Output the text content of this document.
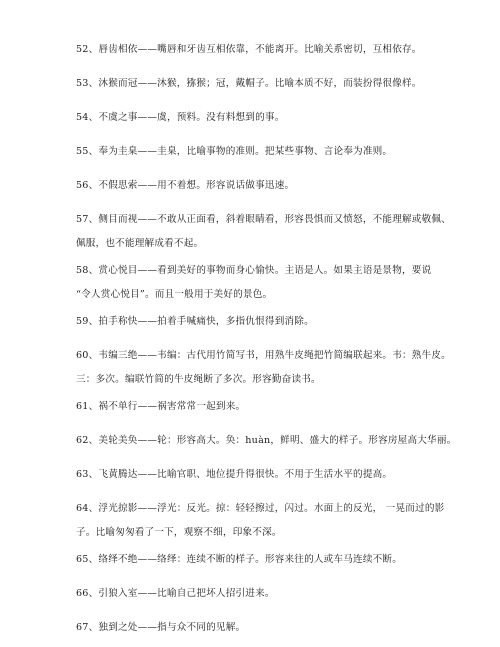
52、唇齿相依——嘴唇和牙齿互相依靠，不能离开。比喻关系密切，互相依存。
53、沐猴而冠——沐猴，猕猴；冠，戴帽子。比喻本质不好，而装扮得很像样。
54、不虞之事——虞，预料。没有料想到的事。
55、奉为圭臬——圭臬，比喻事物的准则。把某些事物、言论奉为准则。
56、不假思索——用不着想。形容说话做事迅速。
57、侧目而视——不敢从正面看，斜着眼睛看，形容畏惧而又愤怒，不能理解或敬佩、
佩服，也不能理解成看不起。
58、赏心悦目——看到美好的事物而身心愉快。主语是人。如果主语是景物，要说
“令人赏心悦目”。而且一般用于美好的景色。
59、拍手称快——拍着手喊痛快，多指仇恨得到消除。
60、韦编三绝——韦编：古代用竹简写书，用熟牛皮绳把竹简编联起来。韦：熟牛皮。
三：多次。编联竹简的牛皮绳断了多次。形容勤奋读书。
61、祸不单行——祸害常常一起到来。
62、美轮美奂——轮：形容高大。奂：huàn，鲜明、盛大的样子。形容房屋高大华丽。
63、飞黄腾达——比喻官职、地位提升得很快。不用于生活水平的提高。
64、浮光掠影——浮光：反光。掠：轻轻擦过，闪过。水面上的反光， 一晃而过的影
子。比喻匆匆看了一下，观察不细，印象不深。
65、络绎不绝——络绎：连续不断的样子。形容来往的人或车马连续不断。
66、引狼入室——比喻自己把坏人招引进来。
67、独到之处——指与众不同的见解。
